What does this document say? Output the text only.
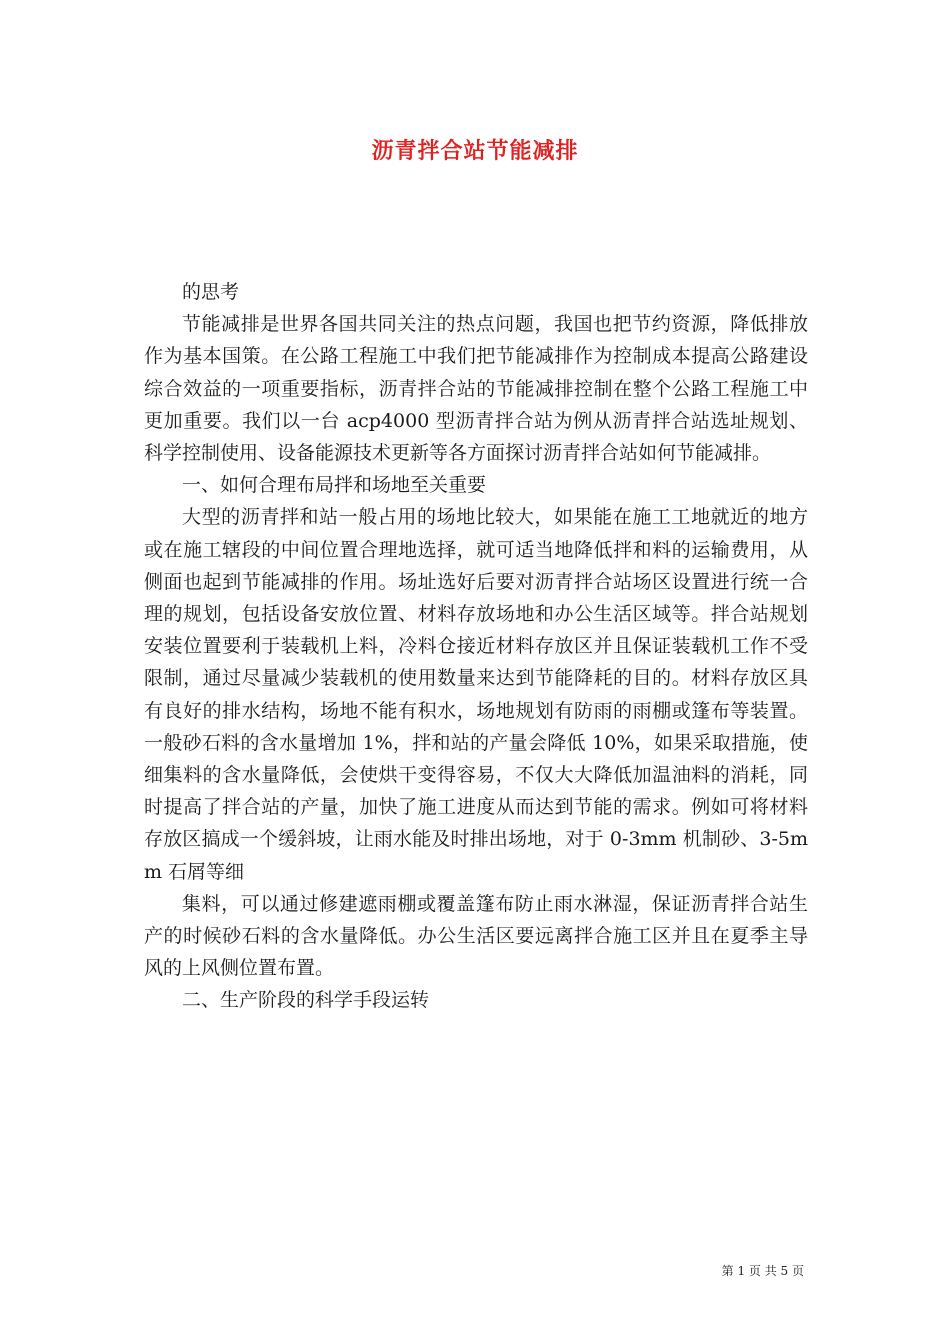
沥青拌合站节能减排

的思考

节能减排是世界各国共同关注的热点问题，我国也把节约资源，降低排放作为基本国策。在公路工程施工中我们把节能减排作为控制成本提高公路建设综合效益的一项重要指标，沥青拌合站的节能减排控制在整个公路工程施工中更加重要。我们以一台 acp4000 型沥青拌合站为例从沥青拌合站选址规划、科学控制使用、设备能源技术更新等各方面探讨沥青拌合站如何节能减排。

一、如何合理布局拌和场地至关重要

大型的沥青拌和站一般占用的场地比较大，如果能在施工工地就近的地方或在施工辖段的中间位置合理地选择，就可适当地降低拌和料的运输费用，从侧面也起到节能减排的作用。场址选好后要对沥青拌合站场区设置进行统一合理的规划，包括设备安放位置、材料存放场地和办公生活区域等。拌合站规划安装位置要利于装载机上料，冷料仓接近材料存放区并且保证装载机工作不受限制，通过尽量减少装载机的使用数量来达到节能降耗的目的。材料存放区具有良好的排水结构，场地不能有积水，场地规划有防雨的雨棚或篷布等装置。一般砂石料的含水量增加 1%，拌和站的产量会降低 10%，如果采取措施，使细集料的含水量降低，会使烘干变得容易，不仅大大降低加温油料的消耗，同时提高了拌合站的产量，加快了施工进度从而达到节能的需求。例如可将材料存放区搞成一个缓斜坡，让雨水能及时排出场地，对于 0-3mm 机制砂、3-5mm 石屑等细

集料，可以通过修建遮雨棚或覆盖篷布防止雨水淋湿，保证沥青拌合站生产的时候砂石料的含水量降低。办公生活区要远离拌合施工区并且在夏季主导风的上风侧位置布置。

二、生产阶段的科学手段运转

第 1 页 共 5 页
